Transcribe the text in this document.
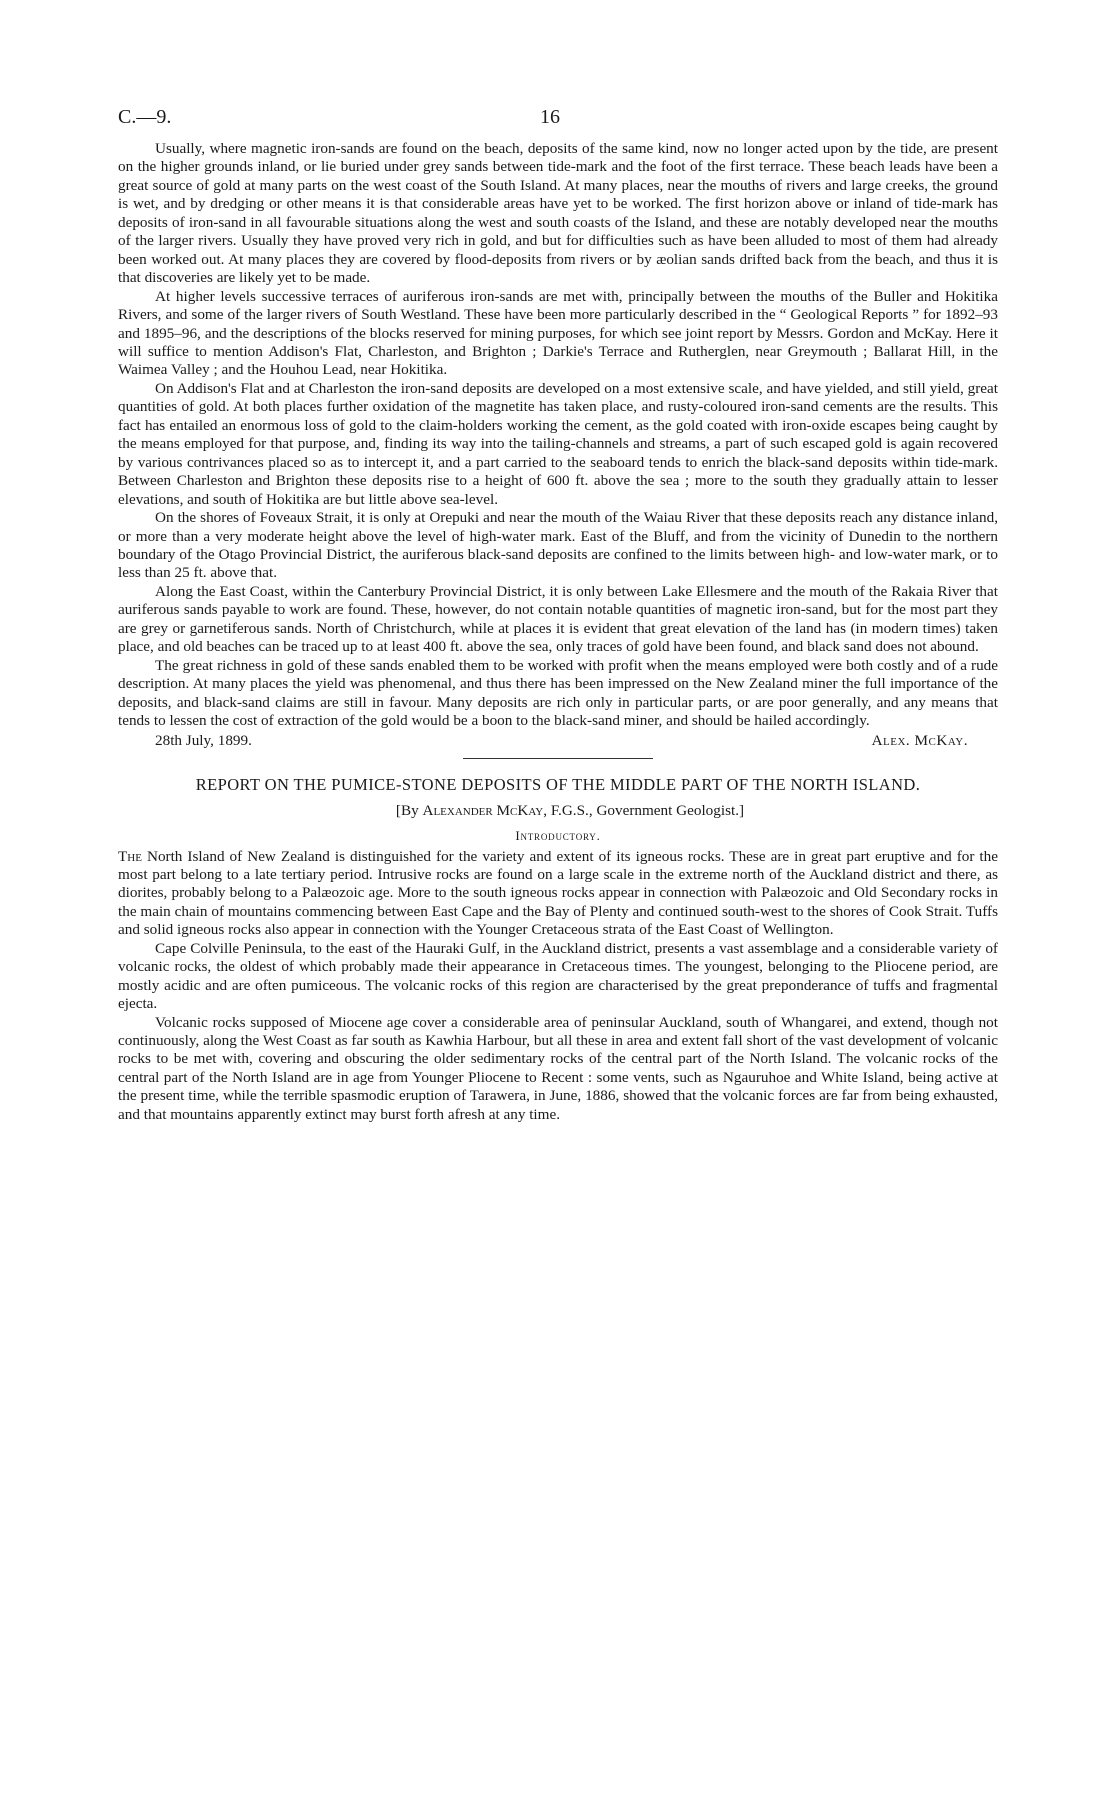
C.—9.	16

Usually, where magnetic iron-sands are found on the beach, deposits of the same kind, now no longer acted upon by the tide, are present on the higher grounds inland, or lie buried under grey sands between tide-mark and the foot of the first terrace. These beach leads have been a great source of gold at many parts on the west coast of the South Island. At many places, near the mouths of rivers and large creeks, the ground is wet, and by dredging or other means it is that considerable areas have yet to be worked. The first horizon above or inland of tide-mark has deposits of iron-sand in all favourable situations along the west and south coasts of the Island, and these are notably developed near the mouths of the larger rivers. Usually they have proved very rich in gold, and but for difficulties such as have been alluded to most of them had already been worked out. At many places they are covered by flood-deposits from rivers or by æolian sands drifted back from the beach, and thus it is that discoveries are likely yet to be made.

At higher levels successive terraces of auriferous iron-sands are met with, principally between the mouths of the Buller and Hokitika Rivers, and some of the larger rivers of South Westland. These have been more particularly described in the “ Geological Reports ” for 1892–93 and 1895–96, and the descriptions of the blocks reserved for mining purposes, for which see joint report by Messrs. Gordon and McKay. Here it will suffice to mention Addison's Flat, Charleston, and Brighton ; Darkie's Terrace and Rutherglen, near Greymouth ; Ballarat Hill, in the Waimea Valley ; and the Houhou Lead, near Hokitika.

On Addison's Flat and at Charleston the iron-sand deposits are developed on a most extensive scale, and have yielded, and still yield, great quantities of gold. At both places further oxidation of the magnetite has taken place, and rusty-coloured iron-sand cements are the results. This fact has entailed an enormous loss of gold to the claim-holders working the cement, as the gold coated with iron-oxide escapes being caught by the means employed for that purpose, and, finding its way into the tailing-channels and streams, a part of such escaped gold is again recovered by various contrivances placed so as to intercept it, and a part carried to the seaboard tends to enrich the black-sand deposits within tide-mark. Between Charleston and Brighton these deposits rise to a height of 600 ft. above the sea ; more to the south they gradually attain to lesser elevations, and south of Hokitika are but little above sea-level.

On the shores of Foveaux Strait, it is only at Orepuki and near the mouth of the Waiau River that these deposits reach any distance inland, or more than a very moderate height above the level of high-water mark. East of the Bluff, and from the vicinity of Dunedin to the northern boundary of the Otago Provincial District, the auriferous black-sand deposits are confined to the limits between high- and low-water mark, or to less than 25 ft. above that.

Along the East Coast, within the Canterbury Provincial District, it is only between Lake Ellesmere and the mouth of the Rakaia River that auriferous sands payable to work are found. These, however, do not contain notable quantities of magnetic iron-sand, but for the most part they are grey or garnetiferous sands. North of Christchurch, while at places it is evident that great elevation of the land has (in modern times) taken place, and old beaches can be traced up to at least 400 ft. above the sea, only traces of gold have been found, and black sand does not abound.

The great richness in gold of these sands enabled them to be worked with profit when the means employed were both costly and of a rude description. At many places the yield was phenomenal, and thus there has been impressed on the New Zealand miner the full importance of the deposits, and black-sand claims are still in favour. Many deposits are rich only in particular parts, or are poor generally, and any means that tends to lessen the cost of extraction of the gold would be a boon to the black-sand miner, and should be hailed accordingly.

28th July, 1899.	Alex. McKay.
REPORT ON THE PUMICE-STONE DEPOSITS OF THE MIDDLE PART OF THE NORTH ISLAND.
[By Alexander McKay, F.G.S., Government Geologist.]
Introductory.

The North Island of New Zealand is distinguished for the variety and extent of its igneous rocks. These are in great part eruptive and for the most part belong to a late tertiary period. Intrusive rocks are found on a large scale in the extreme north of the Auckland district and there, as diorites, probably belong to a Palæozoic age. More to the south igneous rocks appear in connection with Palæozoic and Old Secondary rocks in the main chain of mountains commencing between East Cape and the Bay of Plenty and continued south-west to the shores of Cook Strait. Tuffs and solid igneous rocks also appear in connection with the Younger Cretaceous strata of the East Coast of Wellington.

Cape Colville Peninsula, to the east of the Hauraki Gulf, in the Auckland district, presents a vast assemblage and a considerable variety of volcanic rocks, the oldest of which probably made their appearance in Cretaceous times. The youngest, belonging to the Pliocene period, are mostly acidic and are often pumiceous. The volcanic rocks of this region are characterised by the great preponderance of tuffs and fragmental ejecta.

Volcanic rocks supposed of Miocene age cover a considerable area of peninsular Auckland, south of Whangarei, and extend, though not continuously, along the West Coast as far south as Kawhia Harbour, but all these in area and extent fall short of the vast development of volcanic rocks to be met with, covering and obscuring the older sedimentary rocks of the central part of the North Island. The volcanic rocks of the central part of the North Island are in age from Younger Pliocene to Recent : some vents, such as Ngauruhoe and White Island, being active at the present time, while the terrible spasmodic eruption of Tarawera, in June, 1886, showed that the volcanic forces are far from being exhausted, and that mountains apparently extinct may burst forth afresh at any time.
